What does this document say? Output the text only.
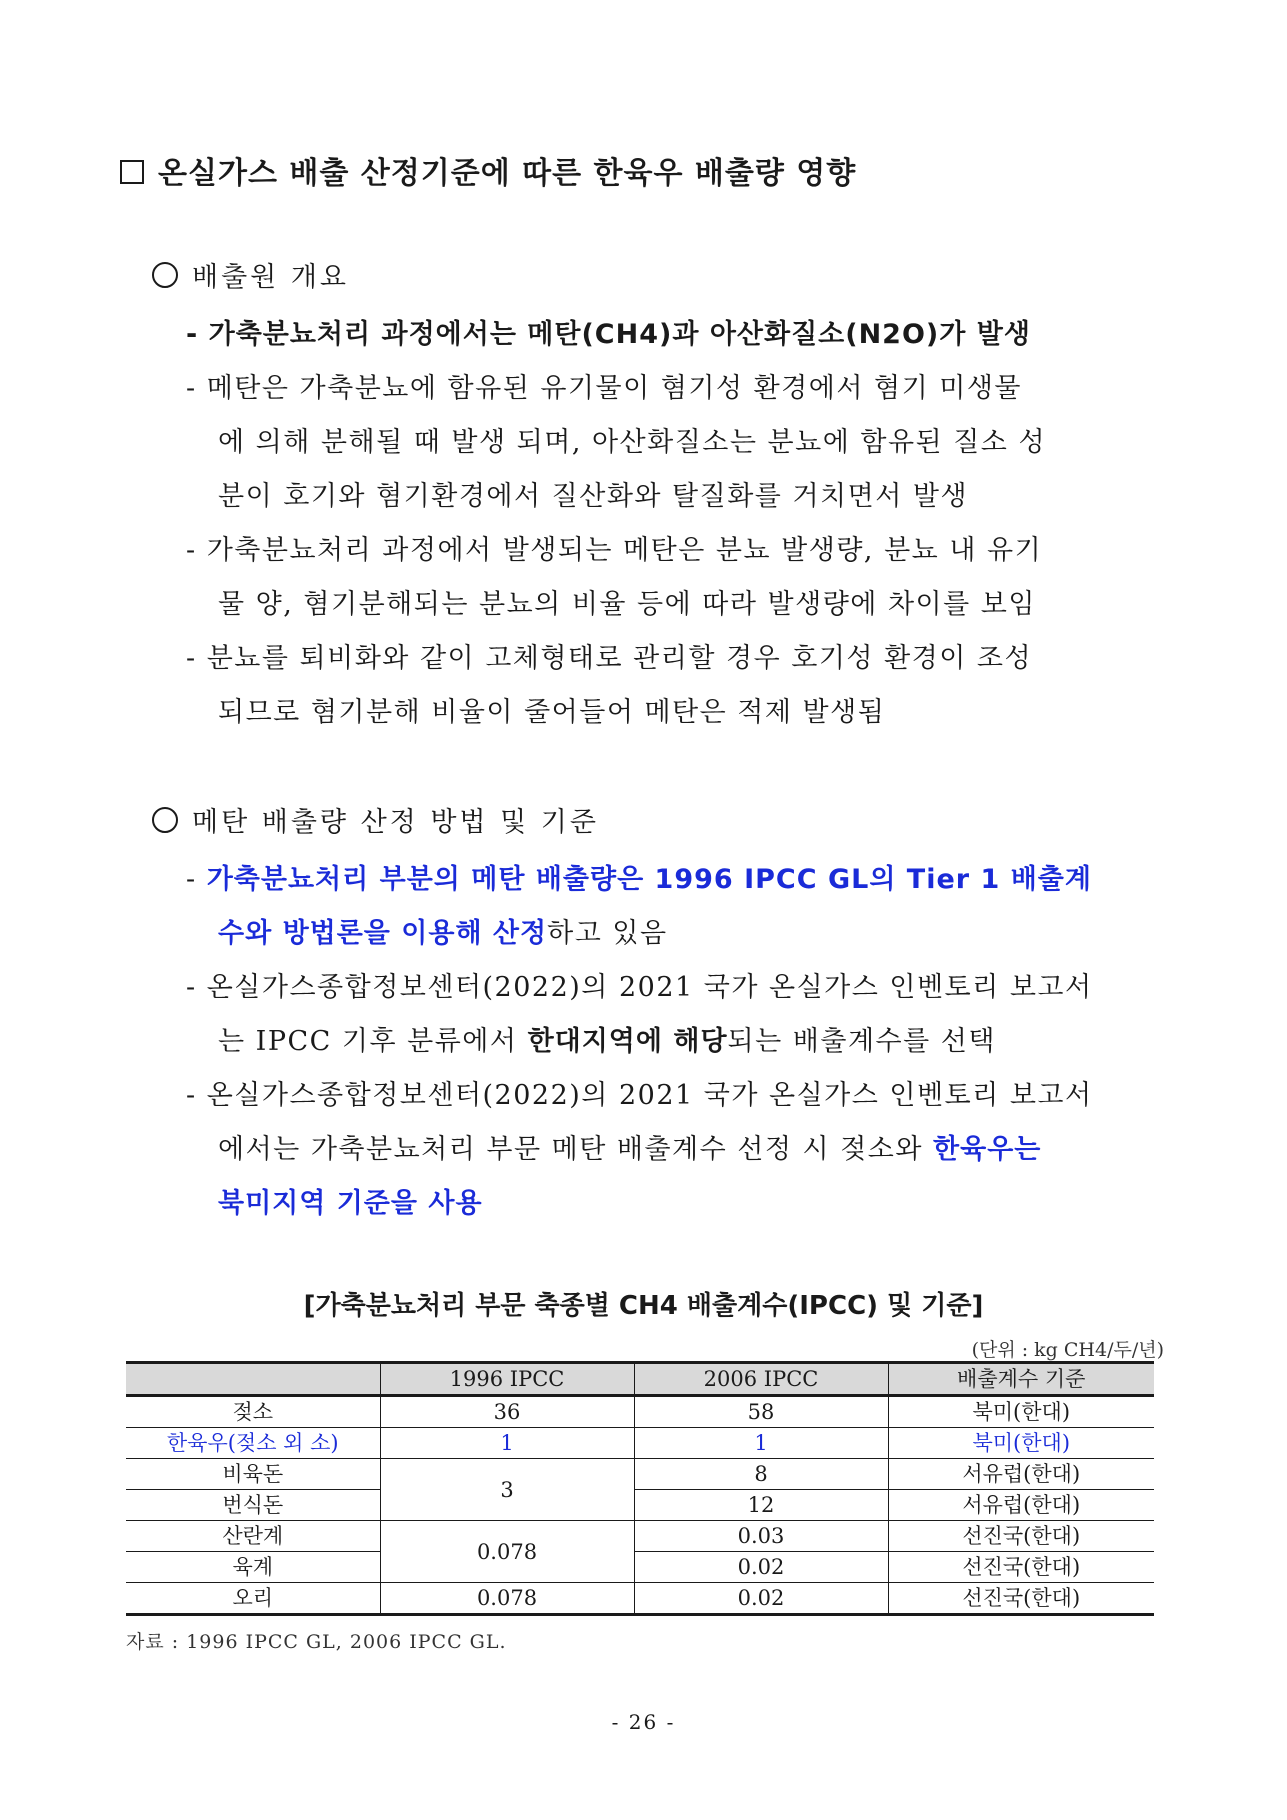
온실가스 배출 산정기준에 따른 한육우 배출량 영향
배출원 개요
- 가축분뇨처리 과정에서는 메탄(CH4)과 아산화질소(N2O)가 발생
- 메탄은 가축분뇨에 함유된 유기물이 혐기성 환경에서 혐기 미생물
에 의해 분해될 때 발생 되며, 아산화질소는 분뇨에 함유된 질소 성
분이 호기와 혐기환경에서 질산화와 탈질화를 거치면서 발생
- 가축분뇨처리 과정에서 발생되는 메탄은 분뇨 발생량, 분뇨 내 유기
물 양, 혐기분해되는 분뇨의 비율 등에 따라 발생량에 차이를 보임
- 분뇨를 퇴비화와 같이 고체형태로 관리할 경우 호기성 환경이 조성
되므로 혐기분해 비율이 줄어들어 메탄은 적제 발생됨
메탄 배출량 산정 방법 및 기준
- 가축분뇨처리 부분의 메탄 배출량은 1996 IPCC GL의 Tier 1 배출계
수와 방법론을 이용해 산정하고 있음
- 온실가스종합정보센터(2022)의 2021 국가 온실가스 인벤토리 보고서
는 IPCC 기후 분류에서 한대지역에 해당되는 배출계수를 선택
- 온실가스종합정보센터(2022)의 2021 국가 온실가스 인벤토리 보고서
에서는 가축분뇨처리 부문 메탄 배출계수 선정 시 젖소와 한육우는
북미지역 기준을 사용
[가축분뇨처리 부문 축종별 CH4 배출계수(IPCC) 및 기준]
(단위 : kg CH4/두/년)
	1996 IPCC	2006 IPCC	배출계수 기준
젖소	36	58	북미(한대)
한육우(젖소 외 소)	1	1	북미(한대)
비육돈	3	8	서유럽(한대)
번식돈		12	서유럽(한대)
산란계	0.078	0.03	선진국(한대)
육계		0.02	선진국(한대)
오리	0.078	0.02	선진국(한대)
자료 : 1996 IPCC GL, 2006 IPCC GL.
- 26 -
